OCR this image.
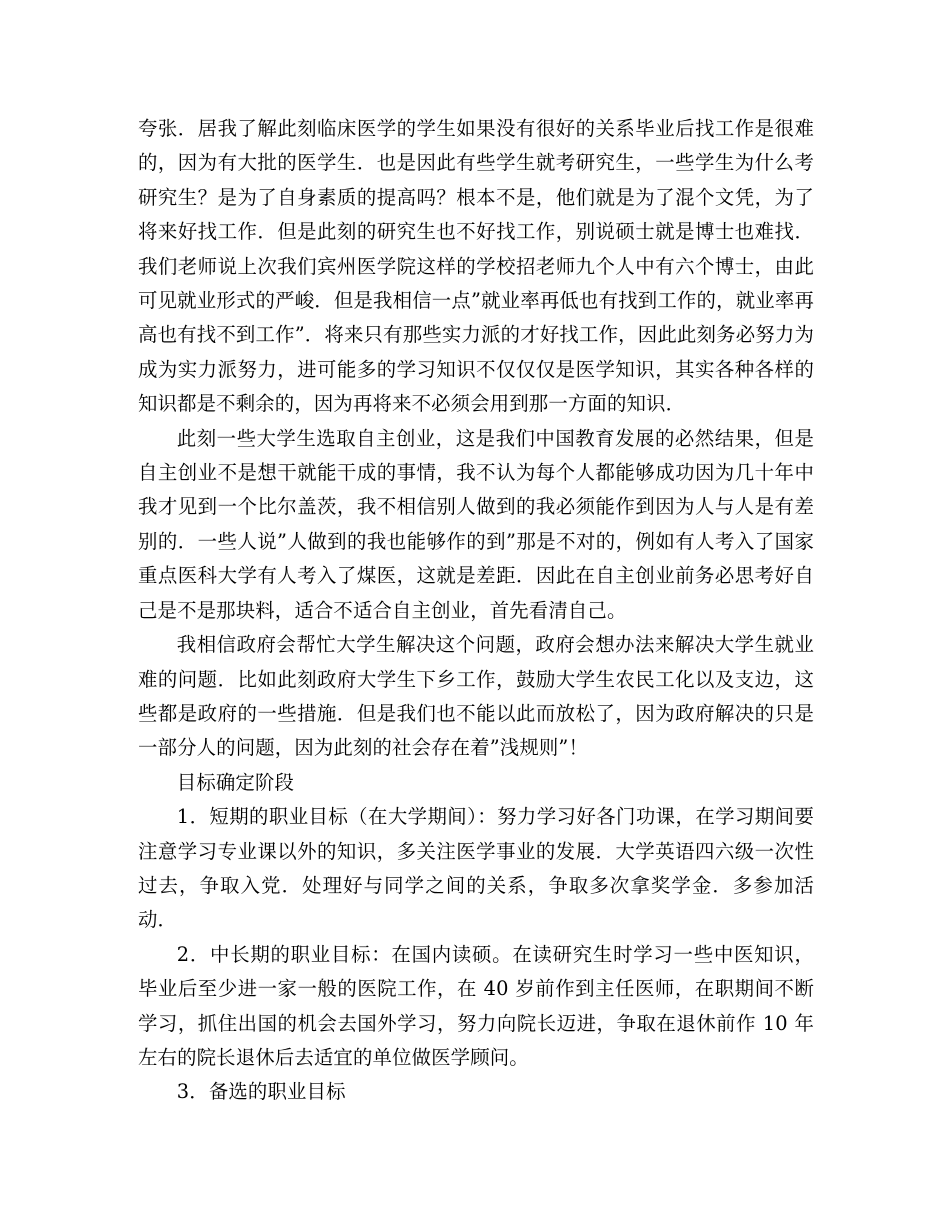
夸张．居我了解此刻临床医学的学生如果没有很好的关系毕业后找工作是很难的，因为有大批的医学生．也是因此有些学生就考研究生，一些学生为什么考研究生？是为了自身素质的提高吗？根本不是，他们就是为了混个文凭，为了将来好找工作．但是此刻的研究生也不好找工作，别说硕士就是博士也难找．我们老师说上次我们宾州医学院这样的学校招老师九个人中有六个博士，由此可见就业形式的严峻．但是我相信一点”就业率再低也有找到工作的，就业率再高也有找不到工作”．将来只有那些实力派的才好找工作，因此此刻务必努力为成为实力派努力，进可能多的学习知识不仅仅仅是医学知识，其实各种各样的知识都是不剩余的，因为再将来不必须会用到那一方面的知识．

此刻一些大学生选取自主创业，这是我们中国教育发展的必然结果，但是自主创业不是想干就能干成的事情，我不认为每个人都能够成功因为几十年中我才见到一个比尔盖茨，我不相信别人做到的我必须能作到因为人与人是有差别的．一些人说”人做到的我也能够作的到”那是不对的，例如有人考入了国家重点医科大学有人考入了煤医，这就是差距．因此在自主创业前务必思考好自己是不是那块料，适合不适合自主创业，首先看清自己。

我相信政府会帮忙大学生解决这个问题，政府会想办法来解决大学生就业难的问题．比如此刻政府大学生下乡工作，鼓励大学生农民工化以及支边，这些都是政府的一些措施．但是我们也不能以此而放松了，因为政府解决的只是一部分人的问题，因为此刻的社会存在着”浅规则”！

目标确定阶段

1．短期的职业目标（在大学期间）：努力学习好各门功课，在学习期间要注意学习专业课以外的知识，多关注医学事业的发展．大学英语四六级一次性过去，争取入党．处理好与同学之间的关系，争取多次拿奖学金．多参加活动．

2．中长期的职业目标：在国内读硕。在读研究生时学习一些中医知识，毕业后至少进一家一般的医院工作，在 40 岁前作到主任医师，在职期间不断学习，抓住出国的机会去国外学习，努力向院长迈进，争取在退休前作 10 年左右的院长退休后去适宜的单位做医学顾问。

3．备选的职业目标
